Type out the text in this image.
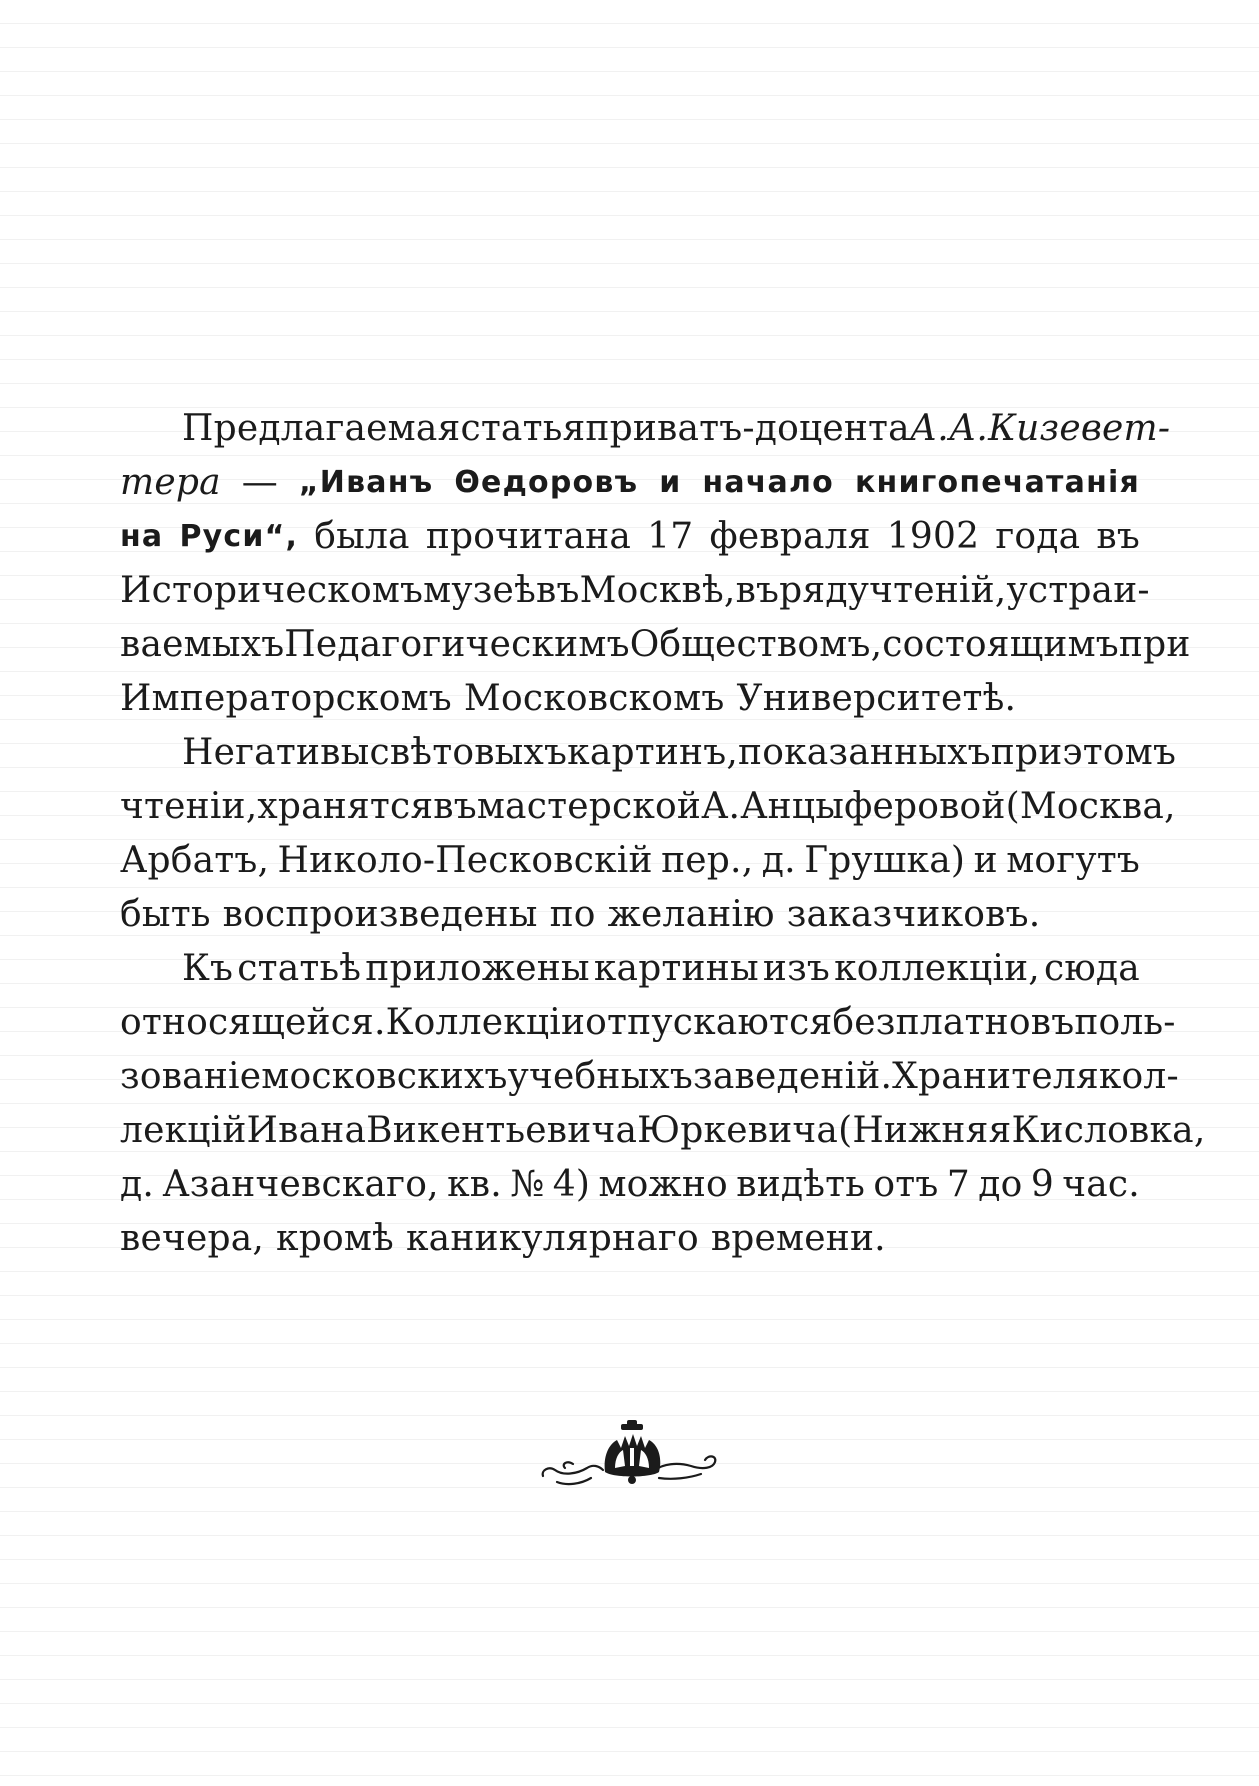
Предлагаемая статья приватъ-доцента А. А. Кизевет-
тера — „Иванъ Θедоровъ и начало книгопечатанія
на Руси“, была прочитана 17 февраля 1902 года въ
Историческомъ музеѣ въ Москвѣ, въ ряду чтеній, устраи-
ваемыхъ Педагогическимъ Обществомъ, состоящимъ при
Императорскомъ Московскомъ Университетѣ.
Негативы свѣтовыхъ картинъ, показанныхъ при этомъ
чтеніи, хранятся въ мастерской А. Анцыферовой (Москва,
Арбатъ, Николо-Песковскій пер., д. Грушка) и могутъ
быть воспроизведены по желанію заказчиковъ.
Къ статьѣ приложены картины изъ коллекціи, сюда
относящейся. Коллекціи отпускаются безплатно въ поль-
зованіе московскихъ учебныхъ заведеній. Хранителя кол-
лекцій Ивана Викентьевича Юркевича (Нижняя Кисловка,
д. Азанчевскаго, кв. № 4) можно видѣть отъ 7 до 9 час.
вечера, кромѣ каникулярнаго времени.
